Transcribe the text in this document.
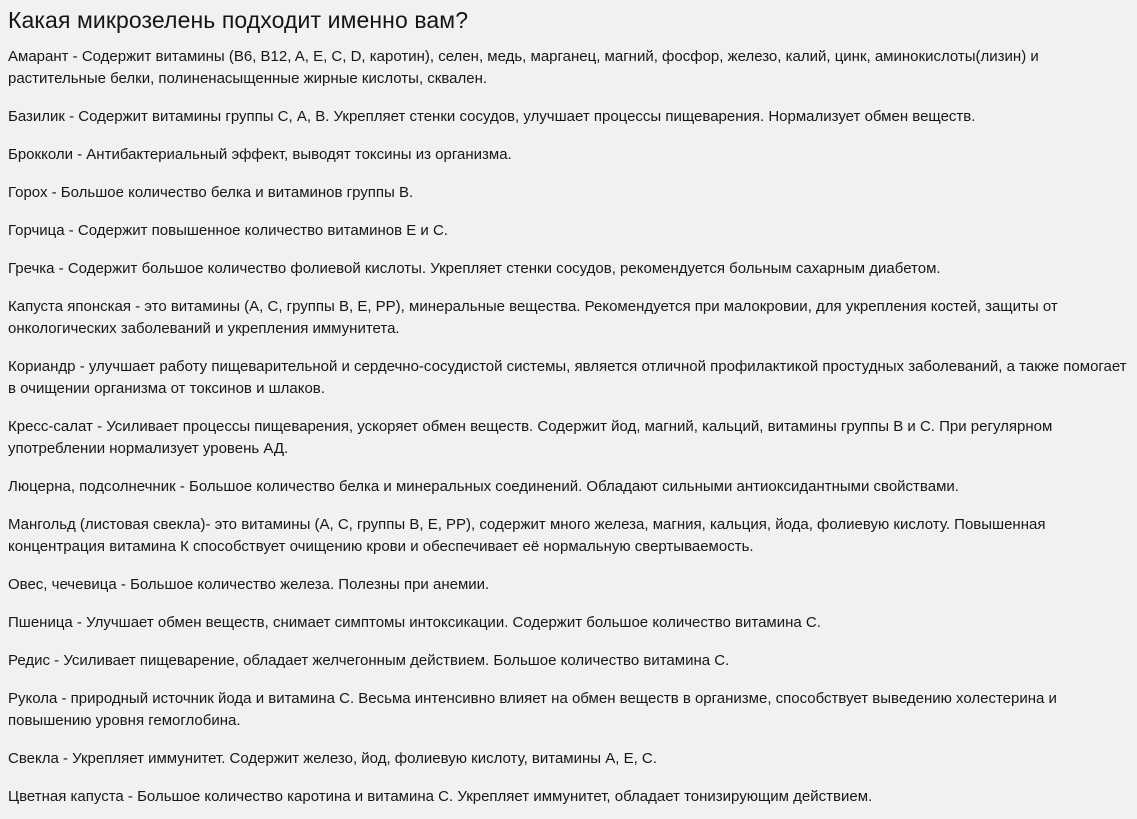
Какая микрозелень подходит именно вам?

Амарант - Содержит витамины (B6, B12, A, E, C, D, каротин), селен, медь, марганец, магний, фосфор, железо, калий, цинк, аминокислоты(лизин) и растительные белки, полиненасыщенные жирные кислоты, сквален.

Базилик - Содержит витамины группы С, А, В. Укрепляет стенки сосудов, улучшает процессы пищеварения. Нормализует обмен веществ.

Брокколи - Антибактериальный эффект, выводят токсины из организма.

Горох - Большое количество белка и витаминов группы В.

Горчица - Содержит повышенное количество витаминов Е и С.

Гречка - Содержит большое количество фолиевой кислоты. Укрепляет стенки сосудов, рекомендуется больным сахарным диабетом.

Капуста японская - это витамины (А, С, группы В, Е, РР), минеральные вещества. Рекомендуется при малокровии, для укрепления костей, защиты от онкологических заболеваний и укрепления иммунитета.

Кориандр - улучшает работу пищеварительной и сердечно-сосудистой системы, является отличной профилактикой простудных заболеваний, а также помогает в очищении организма от токсинов и шлаков.

Кресс-салат - Усиливает процессы пищеварения, ускоряет обмен веществ. Содержит йод, магний, кальций, витамины группы В и С. При регулярном употреблении нормализует уровень АД.

Люцерна, подсолнечник - Большое количество белка и минеральных соединений. Обладают сильными антиоксидантными свойствами.

Мангольд (листовая свекла)- это витамины (А, С, группы В, Е, РР), содержит много железа, магния, кальция, йода, фолиевую кислоту. Повышенная концентрация витамина К способствует очищению крови и обеспечивает её нормальную свертываемость.

Овес, чечевица - Большое количество железа. Полезны при анемии.

Пшеница - Улучшает обмен веществ, снимает симптомы интоксикации. Содержит большое количество витамина С.

Редис - Усиливает пищеварение, обладает желчегонным действием. Большое количество витамина С.

Рукола - природный источник йода и витамина С. Весьма интенсивно влияет на обмен веществ в организме, способствует выведению холестерина и повышению уровня гемоглобина.

Свекла - Укрепляет иммунитет. Содержит железо, йод, фолиевую кислоту, витамины А, Е, С.

Цветная капуста - Большое количество каротина и витамина С. Укрепляет иммунитет, обладает тонизирующим действием.
